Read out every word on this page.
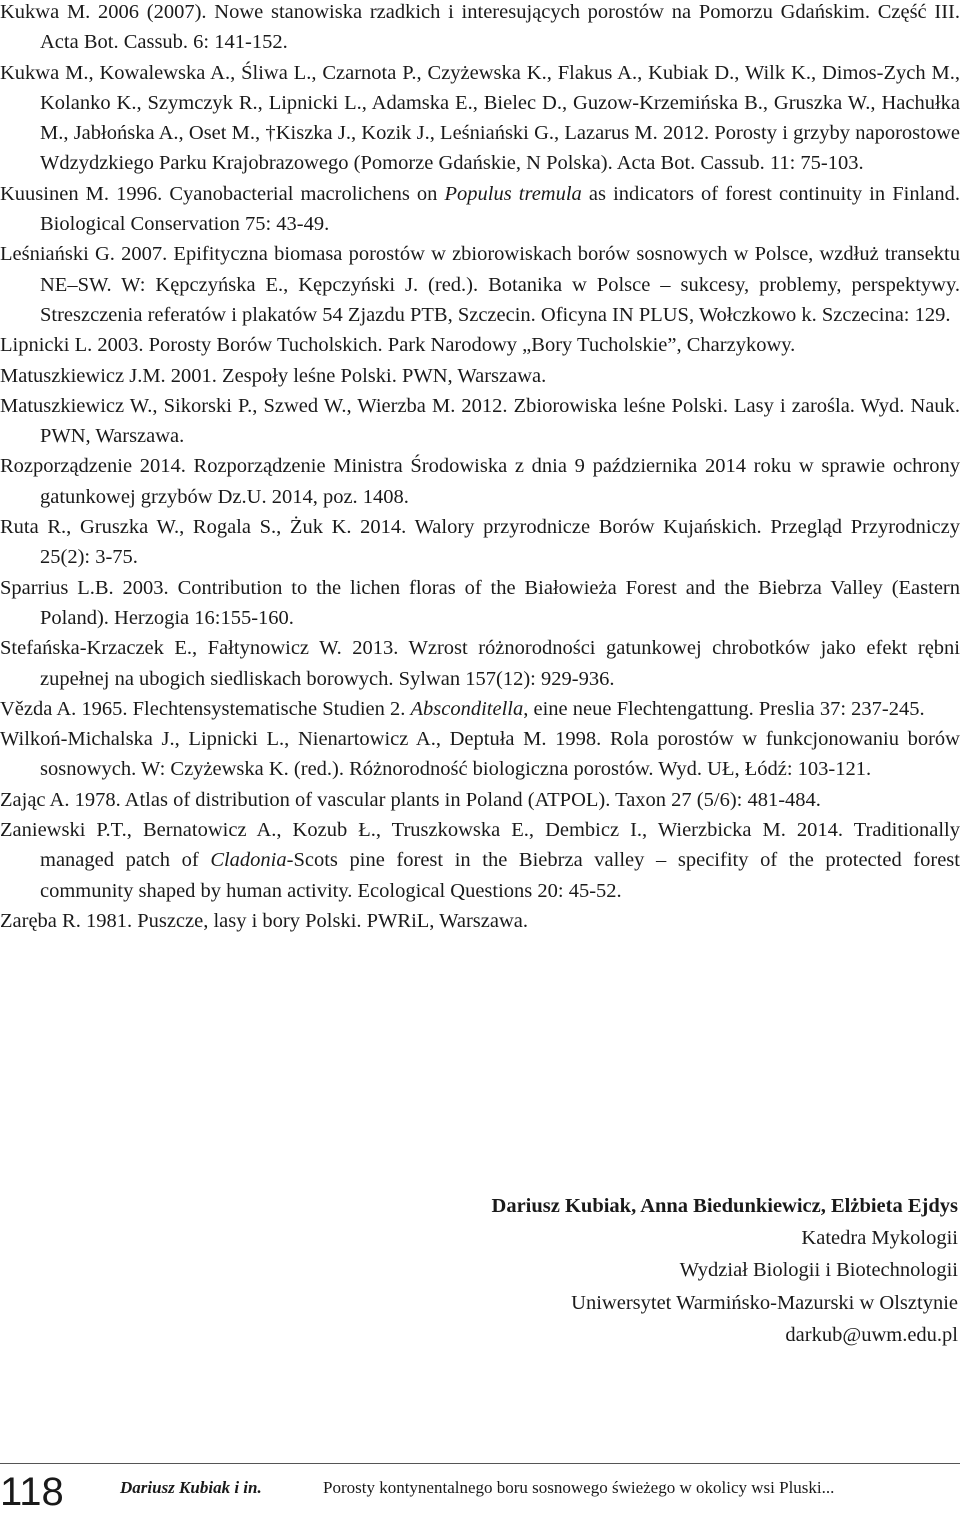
Kukwa M. 2006 (2007). Nowe stanowiska rzadkich i interesujących porostów na Pomorzu Gdańskim. Część III. Acta Bot. Cassub. 6: 141-152.

Kukwa M., Kowalewska A., Śliwa L., Czarnota P., Czyżewska K., Flakus A., Kubiak D., Wilk K., Dimos-Zych M., Kolanko K., Szymczyk R., Lipnicki L., Adamska E., Bielec D., Guzow-Krzemińska B., Gruszka W., Hachułka M., Jabłońska A., Oset M., †Kiszka J., Kozik J., Leśniański G., Lazarus M. 2012. Porosty i grzyby naporostowe Wdzydzkiego Parku Krajobrazowego (Pomorze Gdańskie, N Polska). Acta Bot. Cassub. 11: 75-103.

Kuusinen M. 1996. Cyanobacterial macrolichens on Populus tremula as indicators of forest continuity in Finland. Biological Conservation 75: 43-49.

Leśniański G. 2007. Epifityczna biomasa porostów w zbiorowiskach borów sosnowych w Polsce, wzdłuż transektu NE–SW. W: Kępczyńska E., Kępczyński J. (red.). Botanika w Polsce – sukcesy, problemy, perspektywy. Streszczenia referatów i plakatów 54 Zjazdu PTB, Szczecin. Oficyna IN PLUS, Wołczkowo k. Szczecina: 129.

Lipnicki L. 2003. Porosty Borów Tucholskich. Park Narodowy „Bory Tucholskie”, Charzykowy.

Matuszkiewicz J.M. 2001. Zespoły leśne Polski. PWN, Warszawa.

Matuszkiewicz W., Sikorski P., Szwed W., Wierzba M. 2012. Zbiorowiska leśne Polski. Lasy i zarośla. Wyd. Nauk. PWN, Warszawa.

Rozporządzenie 2014. Rozporządzenie Ministra Środowiska z dnia 9 października 2014 roku w sprawie ochrony gatunkowej grzybów Dz.U. 2014, poz. 1408.

Ruta R., Gruszka W., Rogala S., Żuk K. 2014. Walory przyrodnicze Borów Kujańskich. Przegląd Przyrodniczy 25(2): 3-75.

Sparrius L.B. 2003. Contribution to the lichen floras of the Białowieża Forest and the Biebrza Valley (Eastern Poland). Herzogia 16:155-160.

Stefańska-Krzaczek E., Fałtynowicz W. 2013. Wzrost różnorodności gatunkowej chrobotków jako efekt rębni zupełnej na ubogich siedliskach borowych. Sylwan 157(12): 929-936.

Vězda A. 1965. Flechtensystematische Studien 2. Absconditella, eine neue Flechtengattung. Preslia 37: 237-245.

Wilkoń-Michalska J., Lipnicki L., Nienartowicz A., Deptuła M. 1998. Rola porostów w funkcjonowaniu borów sosnowych. W: Czyżewska K. (red.). Różnorodność biologiczna porostów. Wyd. UŁ, Łódź: 103-121.

Zając A. 1978. Atlas of distribution of vascular plants in Poland (ATPOL). Taxon 27 (5/6): 481-484.

Zaniewski P.T., Bernatowicz A., Kozub Ł., Truszkowska E., Dembicz I., Wierzbicka M. 2014. Traditionally managed patch of Cladonia-Scots pine forest in the Biebrza valley – specifity of the protected forest community shaped by human activity. Ecological Questions 20: 45-52.

Zaręba R. 1981. Puszcze, lasy i bory Polski. PWRiL, Warszawa.

Dariusz Kubiak, Anna Biedunkiewicz, Elżbieta Ejdys
Katedra Mykologii
Wydział Biologii i Biotechnologii
Uniwersytet Warmińsko-Mazurski w Olsztynie
darkub@uwm.edu.pl
118	Dariusz Kubiak i in.	Porosty kontynentalnego boru sosnowego świeżego w okolicy wsi Pluski...
